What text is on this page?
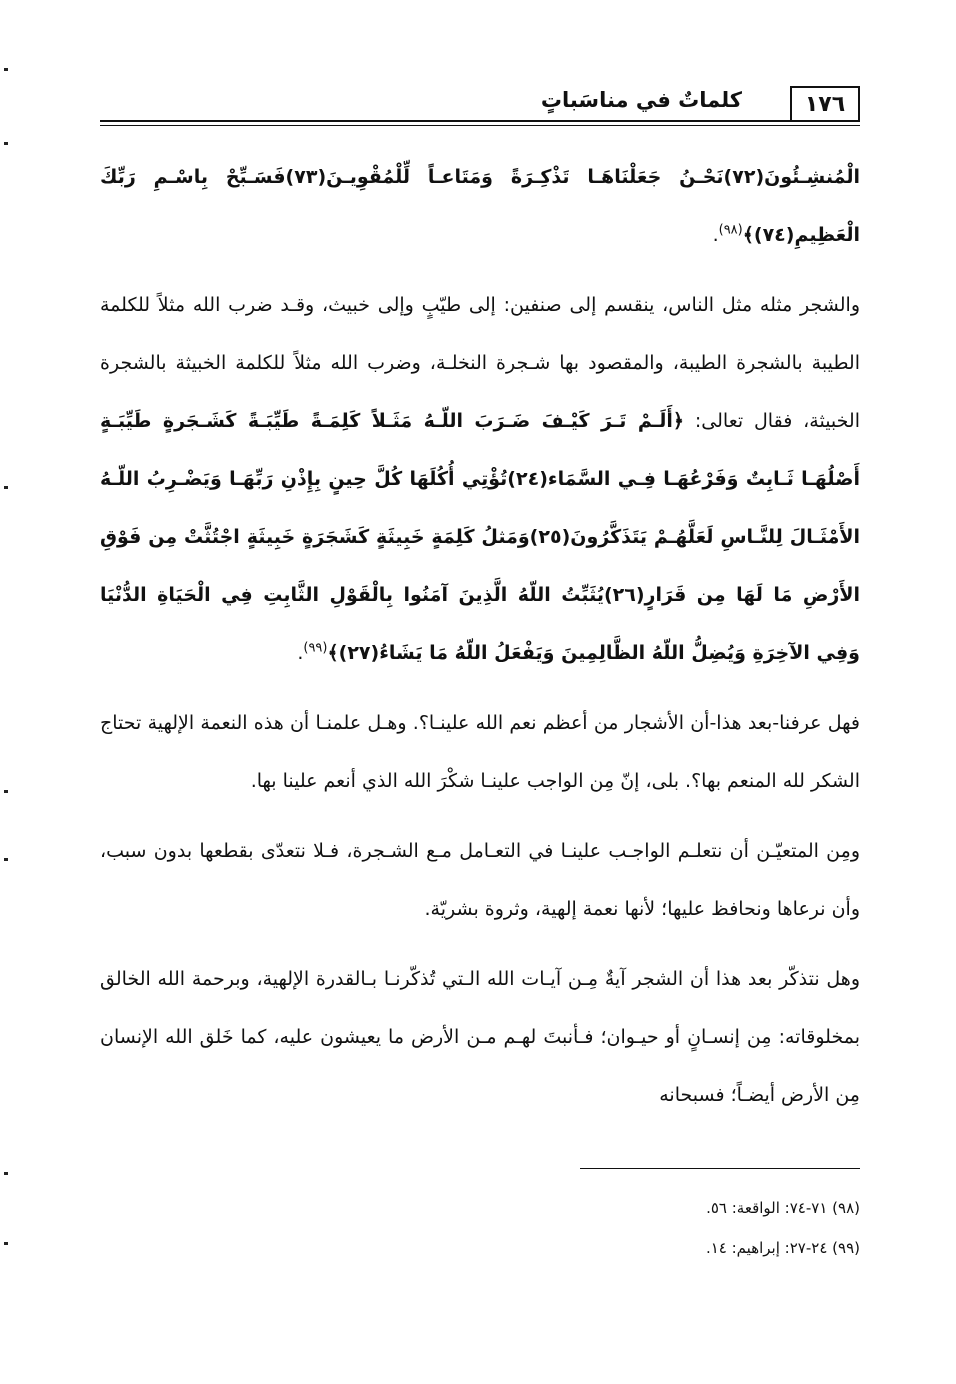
١٧٦
كلماتٌ في مناسَباتٍ

الْمُنشِـئُونَ(٧٢)نَحْـنُ جَعَلْنَاهَـا تَذْكِـرَةً وَمَتَاعـاً لِّلْمُقْوِيـنَ(٧٣)فَسَـبِّحْ بِاسْـمِ رَبِّكَ الْعَظِيمِ(٧٤)﴾$^{(٩٨)}$.

والشجر مثله مثل الناس، ينقسم إلى صنفين: إلى طيّبٍ وإلى خبيث، وقـد ضرب الله مثلاً للكلمة الطيبة بالشجرة الطيبة، والمقصود بها شـجرة النخلـة، وضرب الله مثلاً للكلمة الخبيثة بالشجرة الخبيثة، فقال تعالى: ﴿أَلَـمْ تَـرَ كَيْـفَ ضَـرَبَ اللّـهُ مَثَـلاً كَلِمَـةً طَيِّبَـةً كَشَـجَرةٍ طَيِّبَـةٍ أَصْلُهَـا ثَـابِتٌ وَفَرْعُهَـا فِـي السَّمَاء(٢٤)تُؤْتِي أُكُلَهَا كُلَّ حِينٍ بِإِذْنِ رَبِّهَـا وَيَضْـرِبُ اللّـهُ الأَمْثَـالَ لِلنَّـاسِ لَعَلَّهُـمْ يَتَذَكَّرُونَ(٢٥)وَمَثلُ كَلِمَةٍ خَبِيثَةٍ كَشَجَرَةٍ خَبِيثَةٍ اجْتُثَّتْ مِن فَوْقِ الأَرْضِ مَا لَهَا مِن قَرَارٍ(٢٦)يُثَبِّتُ اللّهُ الَّذِينَ آمَنُوا بِالْقَوْلِ الثَّابِتِ فِي الْحَيَاةِ الدُّنْيَا وَفِي الآخِرَةِ وَيُضِلُّ اللّهُ الظَّالِمِينَ وَيَفْعَلُ اللّهُ مَا يَشَاءُ(٢٧)﴾$^{(٩٩)}$.

فهل عرفنا-بعد هذا-أن الأشجار من أعظم نعم الله علينـا؟. وهـل علمنـا أن هذه النعمة الإلهية تحتاج الشكر لله المنعم بها؟. بلى، إنّ مِن الواجب علينـا شكْرَ الله الذي أنعم علينا بها.

ومِن المتعيّـن أن نتعلـم الواجـب علينـا في التعـامل مـع الشـجرة، فـلا نتعدّى بقطعها بدون سبب، وأن نرعاها ونحافظ عليها؛ لأنها نعمة إلهية، وثروة بشريّة.

وهل نتذكّر بعد هذا أن الشجر آيةٌ مِـن آيـات الله الـتي تُذكّرنـا بـالقدرة الإلهية، وبرحمة الله الخالق بمخلوقاته: مِن إنسـانٍ أو حيـوان؛ فـأنبتَ لهـم مـن الأرض ما يعيشون عليه، كما خَلق الله الإنسان مِن الأرض أيضـاً؛ فسبحانه

(٩٨) ٧١-٧٤: الواقعة: ٥٦.
(٩٩) ٢٤-٢٧: إبراهيم: ١٤.
